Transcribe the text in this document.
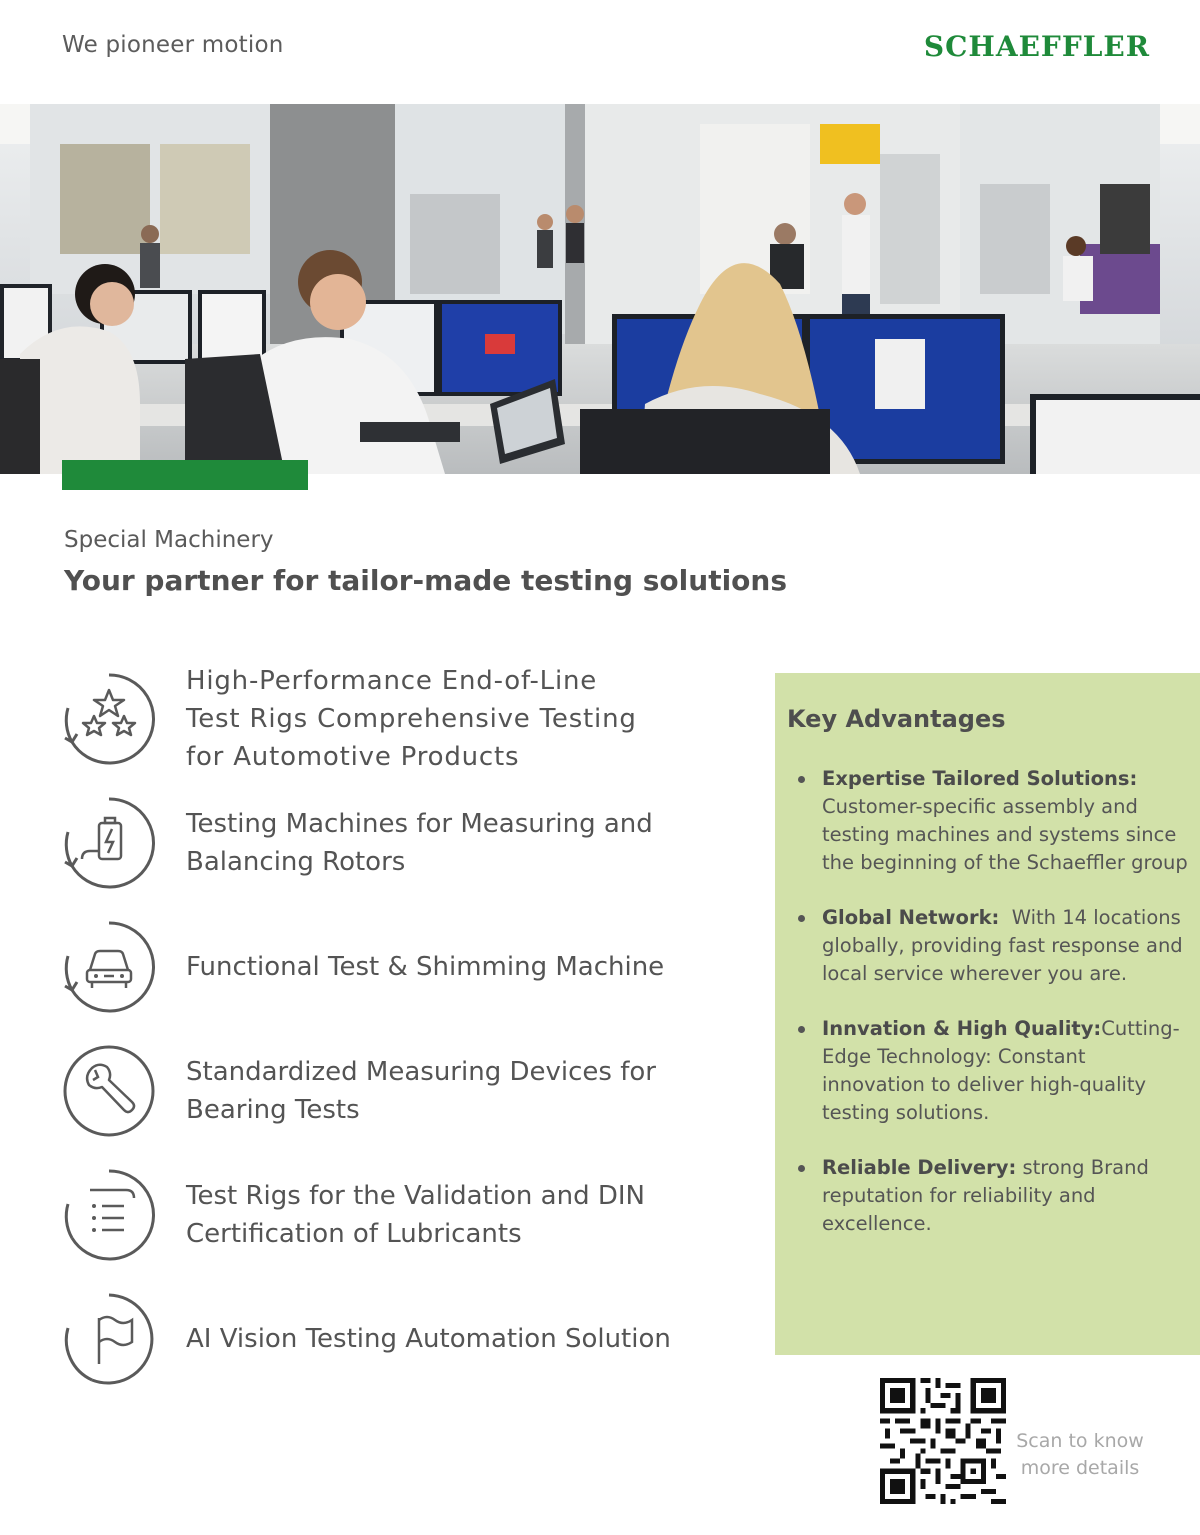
We pioneer motion	SCHAEFFLER
Special Machinery
Your partner for tailor-made testing solutions
High-Performance End-of-Line
Test Rigs Comprehensive Testing
for Automotive Products
Testing Machines for Measuring and
Balancing Rotors
Functional Test & Shimming Machine
Standardized Measuring Devices for
Bearing Tests
Test Rigs for the Validation and DIN
Certification of Lubricants
AI Vision Testing Automation Solution
Key Advantages
Expertise Tailored Solutions: Customer-specific assembly and testing machines and systems since the beginning of the Schaeffler group
Global Network: With 14 locations globally, providing fast response and local service wherever you are.
Innvation & High Quality:Cutting-Edge Technology: Constant innovation to deliver high-quality testing solutions.
Reliable Delivery: strong Brand reputation for reliability and excellence.
Scan to know
more details
